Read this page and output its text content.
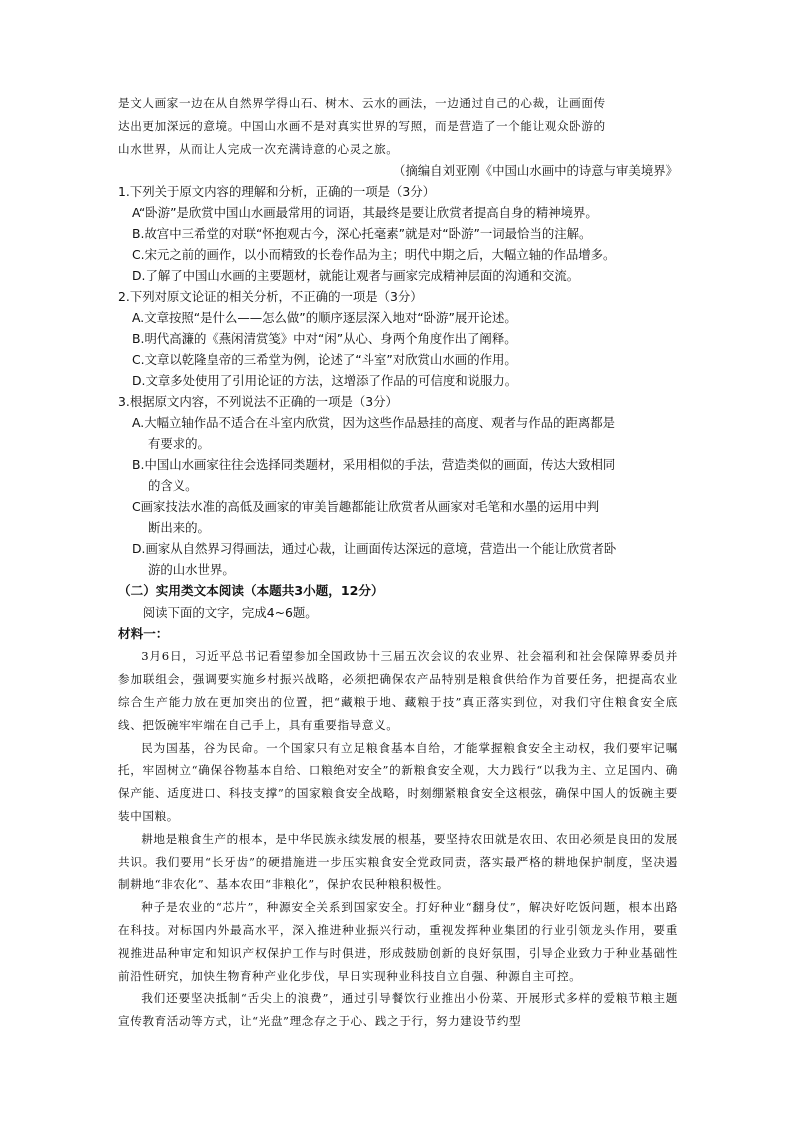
是文人画家一边在从自然界学得山石、树木、云水的画法，一边通过自己的心裁，让画面传
达出更加深远的意境。中国山水画不是对真实世界的写照，而是营造了一个能让观众卧游的
山水世界，从而让人完成一次充满诗意的心灵之旅。
（摘编自刘亚刚《中国山水画中的诗意与审美境界》
1.下列关于原文内容的理解和分析，正确的一项是（3分）
A“卧游”是欣赏中国山水画最常用的词语，其最终是要让欣赏者提高自身的精神境界。
B.故宫中三希堂的对联“怀抱观古今，深心托毫素”就是对“卧游”一词最恰当的注解。
C.宋元之前的画作，以小而精致的长卷作品为主；明代中期之后，大幅立轴的作品增多。
D.了解了中国山水画的主要题材，就能让观者与画家完成精神层面的沟通和交流。
2.下列对原文论证的相关分析，不正确的一项是（3分）
A.文章按照“是什么——怎么做”的顺序逐层深入地对“卧游”展开论述。
B.明代高濂的《燕闲清赏笺》中对“闲”从心、身两个角度作出了阐释。
C.文章以乾隆皇帝的三希堂为例，论述了“斗室”对欣赏山水画的作用。
D.文章多处使用了引用论证的方法，这增添了作品的可信度和说服力。
3.根据原文内容，不列说法不正确的一项是（3分）
A.大幅立轴作品不适合在斗室内欣赏，因为这些作品悬挂的高度、观者与作品的距离都是
有要求的。
B.中国山水画家往往会选择同类题材，采用相似的手法，营造类似的画面，传达大致相同
的含义。
C画家技法水准的高低及画家的审美旨趣都能让欣赏者从画家对毛笔和水墨的运用中判
断出来的。
D.画家从自然界习得画法，通过心裁，让画面传达深远的意境，营造出一个能让欣赏者卧
游的山水世界。
（二）实用类文本阅读（本题共3小题，12分）
阅读下面的文字，完成4~6题。
材料一：

3月6日，习近平总书记看望参加全国政协十三届五次会议的农业界、社会福利和社会保障界委员并参加联组会，强调要实施乡村振兴战略，必须把确保农产品特别是粮食供给作为首要任务，把提高农业综合生产能力放在更加突出的位置，把“藏粮于地、藏粮于技”真正落实到位，对我们守住粮食安全底线、把饭碗牢牢端在自己手上，具有重要指导意义。

民为国基，谷为民命。一个国家只有立足粮食基本自给，才能掌握粮食安全主动权，我们要牢记嘱托，牢固树立“确保谷物基本自给、口粮绝对安全”的新粮食安全观，大力践行“以我为主、立足国内、确保产能、适度进口、科技支撑”的国家粮食安全战略，时刻绷紧粮食安全这根弦，确保中国人的饭碗主要装中国粮。

耕地是粮食生产的根本，是中华民族永续发展的根基，要坚持农田就是农田、农田必须是良田的发展共识。我们要用“长牙齿”的硬措施进一步压实粮食安全党政同责，落实最严格的耕地保护制度，坚决遏制耕地“非农化”、基本农田“非粮化”，保护农民种粮积极性。

种子是农业的“芯片”，种源安全关系到国家安全。打好种业“翻身仗”，解决好吃饭问题，根本出路在科技。对标国内外最高水平，深入推进种业振兴行动，重视发挥种业集团的行业引领龙头作用，要重视推进品种审定和知识产权保护工作与时俱进，形成鼓励创新的良好氛围，引导企业致力于种业基础性前沿性研究，加快生物育种产业化步伐，早日实现种业科技自立自强、种源自主可控。

我们还要坚决抵制“舌尖上的浪费”，通过引导餐饮行业推出小份菜、开展形式多样的爱粮节粮主题宣传教育活动等方式，让“光盘”理念存之于心、践之于行，努力建设节约型
